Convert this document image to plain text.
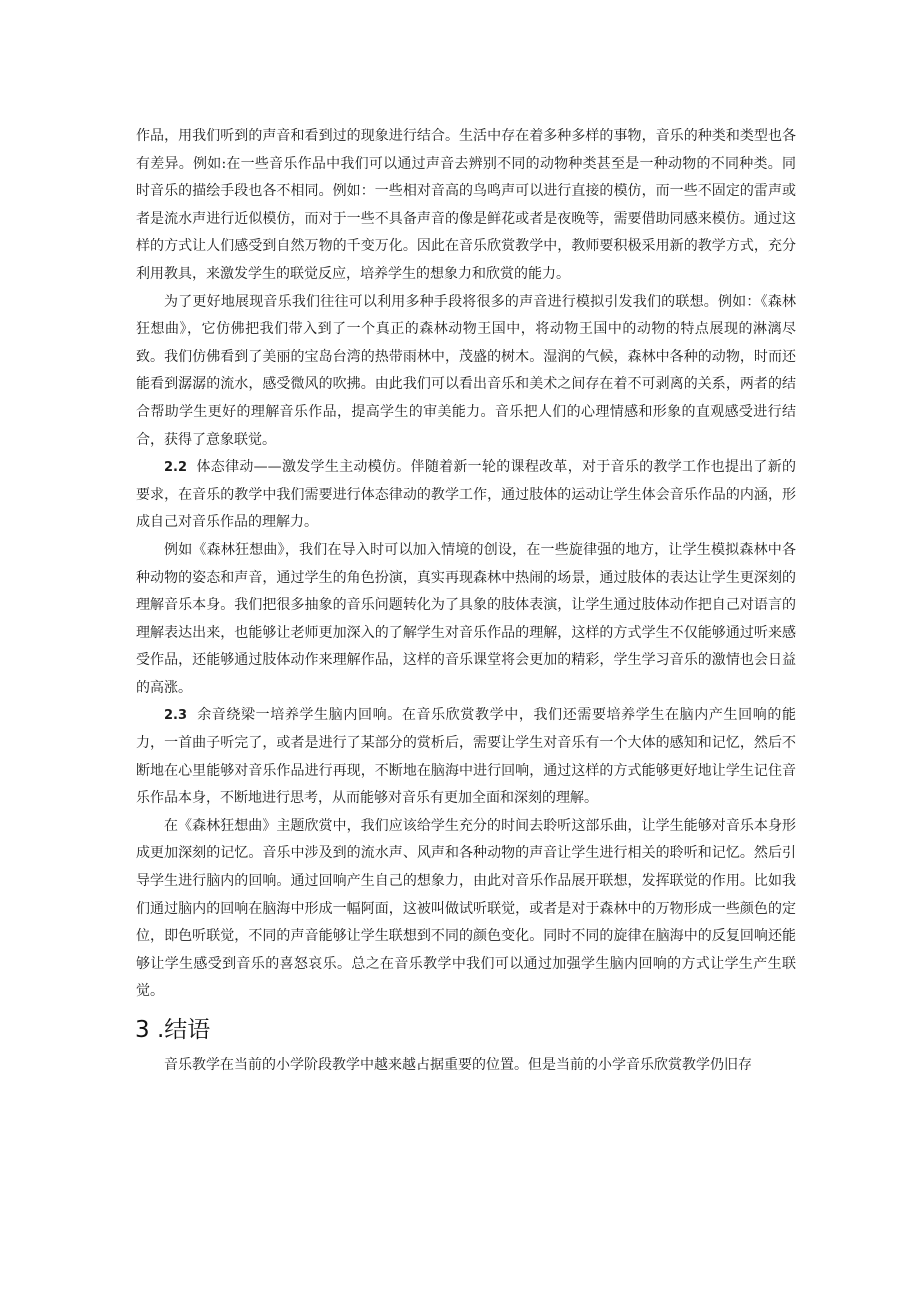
作品，用我们听到的声音和看到过的现象进行结合。生活中存在着多种多样的事物，音乐的种类和类型也各有差异。例如:在一些音乐作品中我们可以通过声音去辨别不同的动物种类甚至是一种动物的不同种类。同时音乐的描绘手段也各不相同。例如：一些相对音高的鸟鸣声可以进行直接的模仿，而一些不固定的雷声或者是流水声进行近似模仿，而对于一些不具备声音的像是鲜花或者是夜晚等，需要借助同感来模仿。通过这样的方式让人们感受到自然万物的千变万化。因此在音乐欣赏教学中，教师要积极采用新的教学方式，充分利用教具，来激发学生的联觉反应，培养学生的想象力和欣赏的能力。

为了更好地展现音乐我们往往可以利用多种手段将很多的声音进行模拟引发我们的联想。例如：《森林狂想曲》，它仿佛把我们带入到了一个真正的森林动物王国中，将动物王国中的动物的特点展现的淋漓尽致。我们仿佛看到了美丽的宝岛台湾的热带雨林中，茂盛的树木。湿润的气候，森林中各种的动物，时而还能看到潺潺的流水，感受微风的吹拂。由此我们可以看出音乐和美术之间存在着不可剥离的关系，两者的结合帮助学生更好的理解音乐作品，提高学生的审美能力。音乐把人们的心理情感和形象的直观感受进行结合，获得了意象联觉。

2.2 体态律动——激发学生主动模仿。伴随着新一轮的课程改革，对于音乐的教学工作也提出了新的要求，在音乐的教学中我们需要进行体态律动的教学工作，通过肢体的运动让学生体会音乐作品的内涵，形成自己对音乐作品的理解力。

例如《森林狂想曲》，我们在导入时可以加入情境的创设，在一些旋律强的地方，让学生模拟森林中各种动物的姿态和声音，通过学生的角色扮演，真实再现森林中热闹的场景，通过肢体的表达让学生更深刻的理解音乐本身。我们把很多抽象的音乐问题转化为了具象的肢体表演，让学生通过肢体动作把自己对语言的理解表达出来，也能够让老师更加深入的了解学生对音乐作品的理解，这样的方式学生不仅能够通过听来感受作品，还能够通过肢体动作来理解作品，这样的音乐课堂将会更加的精彩，学生学习音乐的激情也会日益的高涨。

2.3 余音绕梁一培养学生脑内回响。在音乐欣赏教学中，我们还需要培养学生在脑内产生回响的能力，一首曲子听完了，或者是进行了某部分的赏析后，需要让学生对音乐有一个大体的感知和记忆，然后不断地在心里能够对音乐作品进行再现，不断地在脑海中进行回响，通过这样的方式能够更好地让学生记住音乐作品本身，不断地进行思考，从而能够对音乐有更加全面和深刻的理解。

在《森林狂想曲》主题欣赏中，我们应该给学生充分的时间去聆听这部乐曲，让学生能够对音乐本身形成更加深刻的记忆。音乐中涉及到的流水声、风声和各种动物的声音让学生进行相关的聆听和记忆。然后引导学生进行脑内的回响。通过回响产生自己的想象力，由此对音乐作品展开联想，发挥联觉的作用。比如我们通过脑内的回响在脑海中形成一幅阿面，这被叫做试听联觉，或者是对于森林中的万物形成一些颜色的定位，即色听联觉，不同的声音能够让学生联想到不同的颜色变化。同时不同的旋律在脑海中的反复回响还能够让学生感受到音乐的喜怒哀乐。总之在音乐教学中我们可以通过加强学生脑内回响的方式让学生产生联觉。

3 .结语

音乐教学在当前的小学阶段教学中越来越占据重要的位置。但是当前的小学音乐欣赏教学仍旧存
